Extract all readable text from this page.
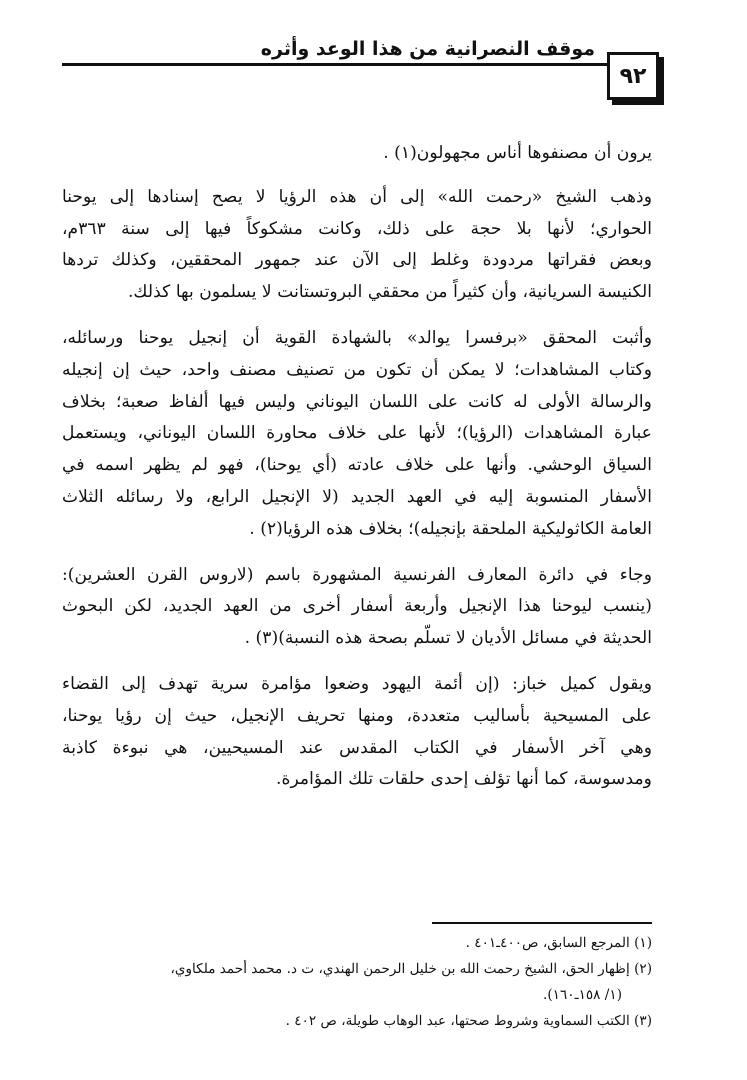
موقف النصرانية من هذا الوعد وأثره
٩٢
يرون أن مصنفوها أناس مجهولون(١) .
وذهب الشيخ «رحمت الله» إلى أن هذه الرؤيا لا يصح إسنادها إلى يوحنا
الحواري؛ لأنها بلا حجة على ذلك، وكانت مشكوكاً فيها إلى سنة ٣٦٣م،
وبعض فقراتها مردودة وغلط إلى الآن عند جمهور المحققين، وكذلك تردها
الكنيسة السريانية، وأن كثيراً من محققي البروتستانت لا يسلمون بها كذلك.
وأثبت المحقق «برفسرا يوالد» بالشهادة القوية أن إنجيل يوحنا ورسائله،
وكتاب المشاهدات؛ لا يمكن أن تكون من تصنيف مصنف واحد، حيث إن إنجيله
والرسالة الأولى له كانت على اللسان اليوناني وليس فيها ألفاظ صعبة؛ بخلاف
عبارة المشاهدات (الرؤيا)؛ لأنها على خلاف محاورة اللسان اليوناني، ويستعمل
السياق الوحشي. وأنها على خلاف عادته (أي يوحنا)، فهو لم يظهر اسمه في
الأسفار المنسوبة إليه في العهد الجديد (لا الإنجيل الرابع، ولا رسائله الثلاث
العامة الكاثوليكية الملحقة بإنجيله)؛ بخلاف هذه الرؤيا(٢) .
وجاء في دائرة المعارف الفرنسية المشهورة باسم (لاروس القرن العشرين):
(ينسب ليوحنا هذا الإنجيل وأربعة أسفار أخرى من العهد الجديد، لكن البحوث
الحديثة في مسائل الأديان لا تسلّم بصحة هذه النسبة)(٣) .
ويقول كميل خباز: (إن أئمة اليهود وضعوا مؤامرة سرية تهدف إلى القضاء
على المسيحية بأساليب متعددة، ومنها تحريف الإنجيل، حيث إن رؤيا يوحنا،
وهي آخر الأسفار في الكتاب المقدس عند المسيحيين، هي نبوءة كاذبة
ومدسوسة، كما أنها تؤلف إحدى حلقات تلك المؤامرة.
(١) المرجع السابق، ص٤٠٠ـ٤٠١ .
(٢) إظهار الحق، الشيخ رحمت الله بن خليل الرحمن الهندي، ت د. محمد أحمد ملكاوي،
(١/ ١٥٨ـ١٦٠).
(٣) الكتب السماوية وشروط صحتها، عبد الوهاب طويلة، ص ٤٠٢ .
